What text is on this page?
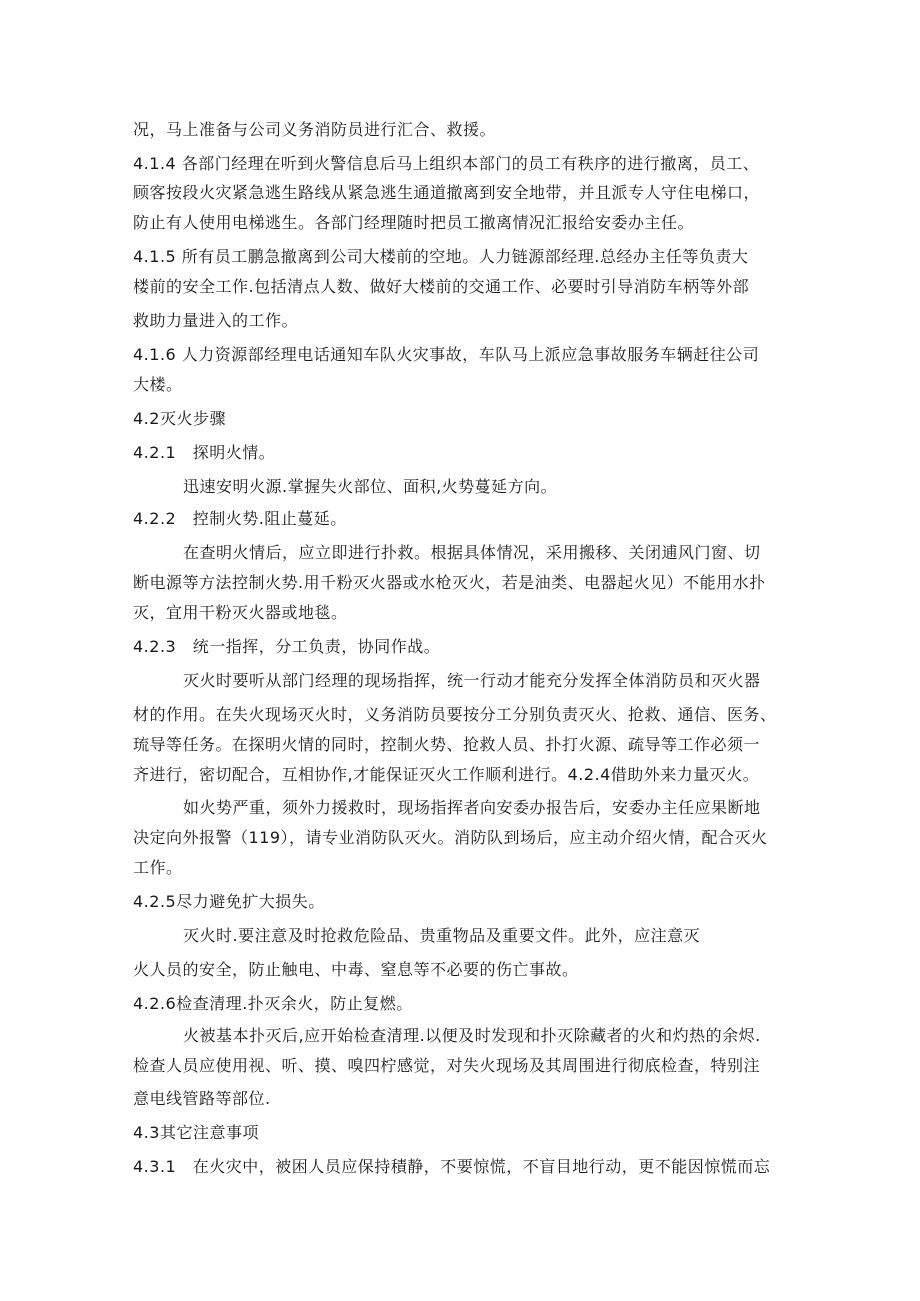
况，马上准备与公司义务消防员进行汇合、救援。
4.1.4 各部门经理在听到火警信息后马上组织本部门的员工有秩序的进行撤离，员工、
顾客按段火灾紧急逃生路线从紧急逃生通道撤离到安全地带，并且派专人守住电梯口，
防止有人使用电梯逃生。各部门经理随时把员工撤离情况汇报给安委办主任。
4.1.5 所有员工鹏急撤离到公司大楼前的空地。人力链源部经理.总经办主任等负责大
楼前的安全工作.包括清点人数、做好大楼前的交通工作、必要时引导消防车柄等外部
救助力量进入的工作。
4.1.6 人力资源部经理电话通知车队火灾事故，车队马上派应急事故服务车辆赶往公司
大楼。
4.2灭火步骤
4.2.1　探明火情。
迅速安明火源.掌握失火部位、面积,火势蔓延方向。
4.2.2　控制火势.阻止蔓延。
在查明火情后，应立即进行扑救。根据具体情况，采用搬移、关闭逋风门窗、切
断电源等方法控制火势.用千粉灭火器或水枪灭火，若是油类、电器起火见）不能用水扑
灭，宜用干粉灭火器或地毯。
4.2.3　统一指挥，分工负责，协同作战。
灭火时要听从部门经理的现场指挥，统一行动才能充分发挥全体消防员和灭火器
材的作用。在失火现场灭火时，义务消防员要按分工分别负责灭火、抢救、通信、医务、
琉导等任务。在探明火情的同时，控制火势、抢救人员、扑打火源、疏导等工作必须一
齐进行，密切配合，互相协作,才能保证灭火工作顺利进行。4.2.4借助外来力量灭火。
如火势严重，须外力援救时，现场指挥者向安委办报告后，安委办主任应果断地
决定向外报警（119），请专业消防队灭火。消防队到场后，应主动介绍火情，配合灭火
工作。
4.2.5尽力避免扩大损失。
灭火时.要注意及时抢救危险品、贵重物品及重要文件。此外，应注意灭
火人员的安全，防止触电、中毒、窒息等不必要的伤亡事故。
4.2.6检查清理.扑灭余火，防止复燃。
火被基本扑灭后,应开始检查清理.以便及时发现和扑灭除藏者的火和灼热的余烬.
检查人员应使用视、听、摸、嗅四柠感觉，对失火现场及其周围进行彻底检查，特别注
意电线管路等部位.
4.3其它注意事项
4.3.1　在火灾中，被困人员应保持積静，不要惊慌，不盲目地行动，更不能因惊慌而忘
